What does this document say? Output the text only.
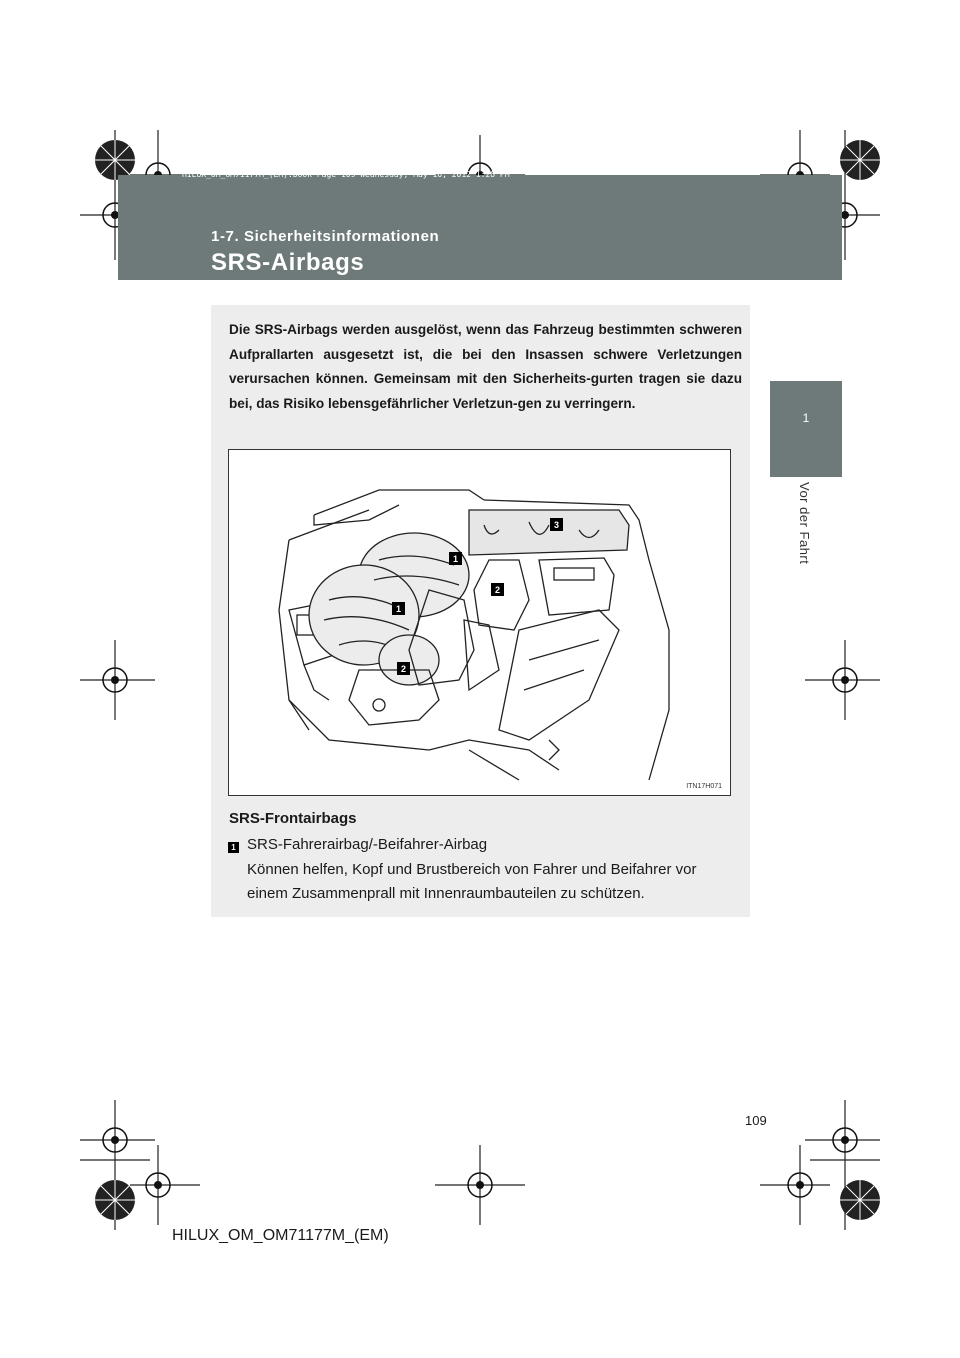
HILUX_OM_OM71177M_(EM).book Page 109 Wednesday, May 16, 2012 1:28 PM
1-7. Sicherheitsinformationen
SRS-Airbags
1
Vor der Fahrt

Die SRS-Airbags werden ausgelöst, wenn das Fahrzeug bestimmten schweren Aufprallarten ausgesetzt ist, die bei den Insassen schwere Verletzungen verursachen können. Gemeinsam mit den Sicherheits-gurten tragen sie dazu bei, das Risiko lebensgefährlicher Verletzun-gen zu verringern.

1
1
2
2
3
ITN17H071
SRS-Frontairbags
1 SRS-Fahrerairbag/-Beifahrer-Airbag

Können helfen, Kopf und Brustbereich von Fahrer und Beifahrer vor einem Zusammenprall mit Innenraumbauteilen zu schützen.

109
HILUX_OM_OM71177M_(EM)
